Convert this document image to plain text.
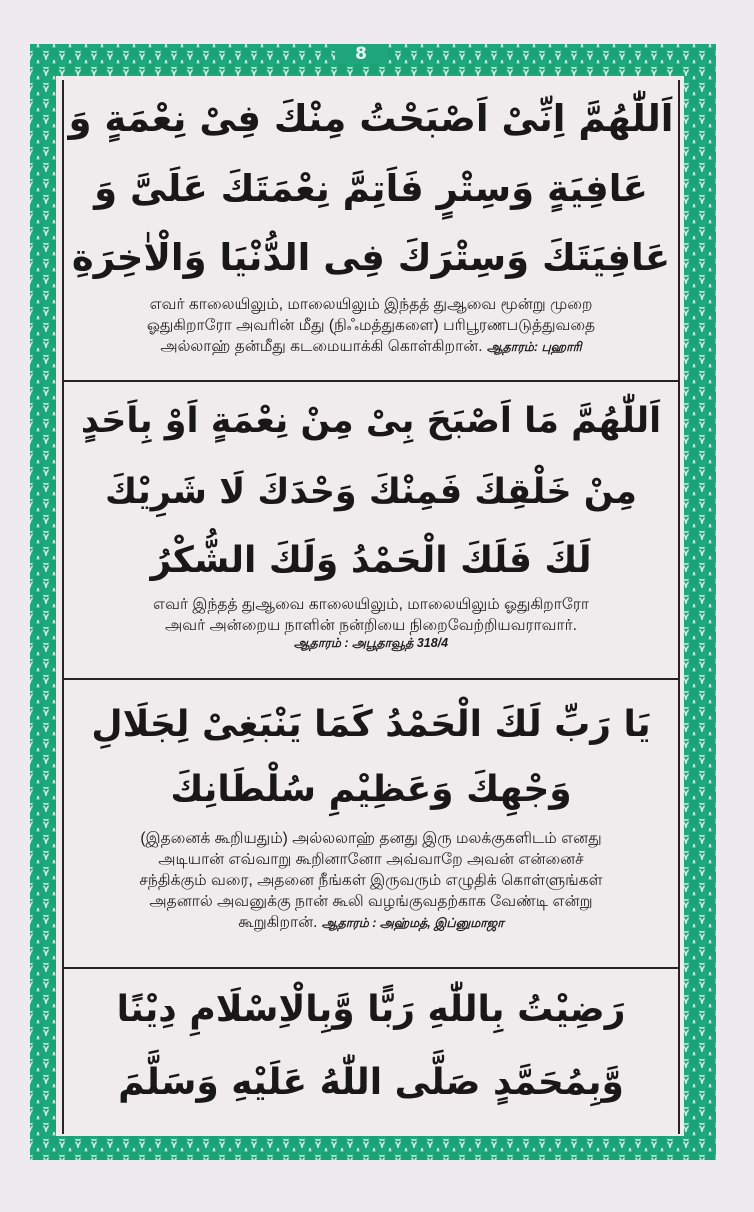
8
اَللّٰهُمَّ اِنِّىْ اَصْبَحْتُ مِنْكَ فِىْ نِعْمَةٍ وَ
عَافِيَةٍ وَسِتْرٍ فَاَتِمَّ نِعْمَتَكَ عَلَىَّ وَ
عَافِيَتَكَ وَسِتْرَكَ فِى الدُّنْيَا وَالْاٰخِرَةِ
எவர் காலையிலும், மாலையிலும் இந்தத் துஆவை மூன்று முறை
ஓதுகிறாரோ அவரின் மீது (நிஃமத்துகளை) பரிபூரணபடுத்துவதை
அல்லாஹ் தன்மீது கடமையாக்கி கொள்கிறான். ஆதாரம்: புஹாரி
اَللّٰهُمَّ مَا اَصْبَحَ بِىْ مِنْ نِعْمَةٍ اَوْ بِاَحَدٍ
مِنْ خَلْقِكَ فَمِنْكَ وَحْدَكَ لَا شَرِيْكَ
لَكَ فَلَكَ الْحَمْدُ وَلَكَ الشُّكْرُ
எவர் இந்தத் துஆவை காலையிலும், மாலையிலும் ஓதுகிறாரோ
அவர் அன்றைய நாளின் நன்றியை நிறைவேற்றியவராவார்.
ஆதாரம் : அபூதாவூத் 318/4
يَا رَبِّ لَكَ الْحَمْدُ كَمَا يَنْبَغِىْ لِجَلَالِ
وَجْهِكَ وَعَظِيْمِ سُلْطَانِكَ
(இதனைக் கூறியதும்) அல்லலாஹ் தனது இரு மலக்குகளிடம் எனது
அடியான் எவ்வாறு கூறினானோ அவ்வாறே அவன் என்னைச்
சந்திக்கும் வரை, அதனை நீங்கள் இருவரும் எழுதிக் கொள்ளுங்கள்
அதனால் அவனுக்கு நான் கூலி வழங்குவதற்காக வேண்டி என்று
கூறுகிறான். ஆதாரம் : அஹ்மத், இப்னுமாஜா
رَضِيْتُ بِاللّٰهِ رَبًّا وَّبِالْاِسْلَامِ دِيْنًا
وَّبِمُحَمَّدٍ صَلَّى اللّٰهُ عَلَيْهِ وَسَلَّمَ
